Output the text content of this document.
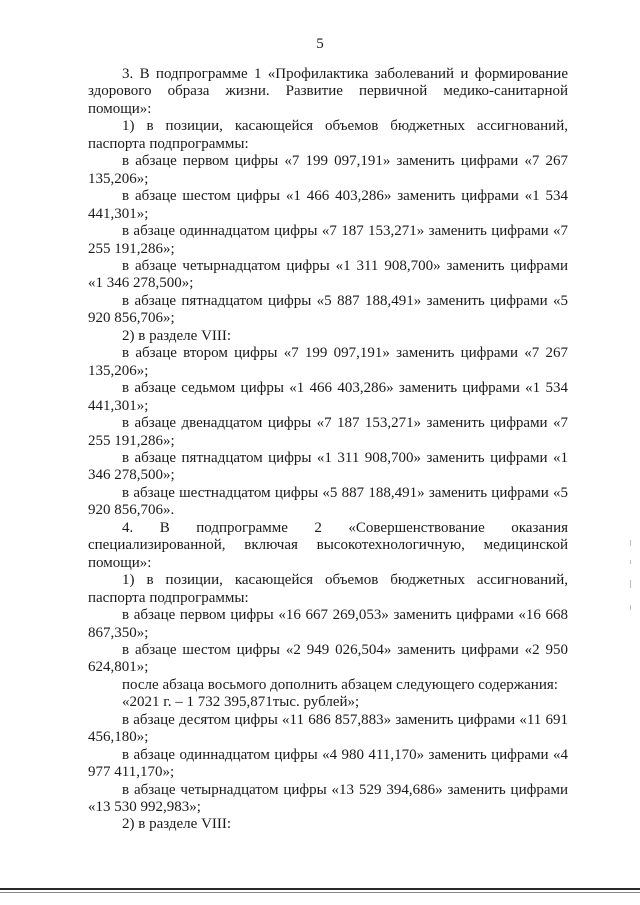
5

3. В подпрограмме 1 «Профилактика заболеваний и формирование здорового образа жизни. Развитие первичной медико-санитарной помощи»:

1) в позиции, касающейся объемов бюджетных ассигнований, паспорта подпрограммы:

в абзаце первом цифры «7 199 097,191» заменить цифрами «7 267 135,206»;

в абзаце шестом цифры «1 466 403,286» заменить цифрами «1 534 441,301»;

в абзаце одиннадцатом цифры «7 187 153,271» заменить цифрами «7 255 191,286»;

в абзаце четырнадцатом цифры «1 311 908,700» заменить цифрами «1 346 278,500»;

в абзаце пятнадцатом цифры «5 887 188,491» заменить цифрами «5 920 856,706»;

2) в разделе VIII:

в абзаце втором цифры «7 199 097,191» заменить цифрами «7 267 135,206»;

в абзаце седьмом цифры «1 466 403,286» заменить цифрами «1 534 441,301»;

в абзаце двенадцатом цифры «7 187 153,271» заменить цифрами «7 255 191,286»;

в абзаце пятнадцатом цифры «1 311 908,700» заменить цифрами «1 346 278,500»;

в абзаце шестнадцатом цифры «5 887 188,491» заменить цифрами «5 920 856,706».

4. В подпрограмме 2 «Совершенствование оказания специализированной, включая высокотехнологичную, медицинской помощи»:

1) в позиции, касающейся объемов бюджетных ассигнований, паспорта подпрограммы:

в абзаце первом цифры «16 667 269,053» заменить цифрами «16 668 867,350»;

в абзаце шестом цифры «2 949 026,504» заменить цифрами «2 950 624,801»;

после абзаца восьмого дополнить абзацем следующего содержания:

«2021 г. – 1 732 395,871тыс. рублей»;

в абзаце десятом цифры «11 686 857,883» заменить цифрами «11 691 456,180»;

в абзаце одиннадцатом цифры «4 980 411,170» заменить цифрами «4 977 411,170»;

в абзаце четырнадцатом цифры «13 529 394,686» заменить цифрами «13 530 992,983»;

2) в разделе VIII:
